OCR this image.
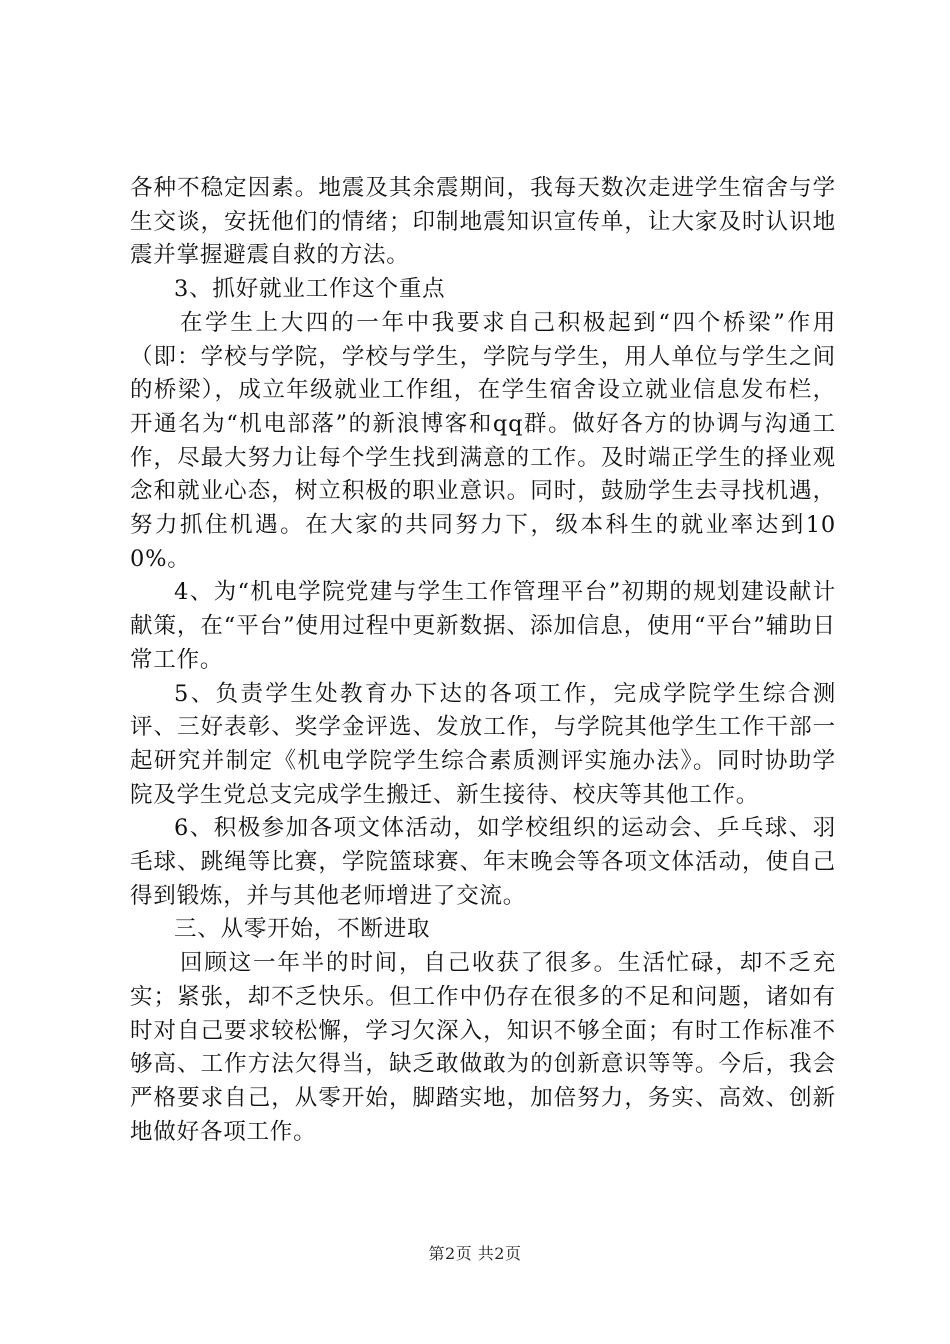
各种不稳定因素。地震及其余震期间，我每天数次走进学生宿舍与学生交谈，安抚他们的情绪；印制地震知识宣传单，让大家及时认识地震并掌握避震自救的方法。

3、抓好就业工作这个重点

在学生上大四的一年中我要求自己积极起到“四个桥梁”作用（即：学校与学院，学校与学生，学院与学生，用人单位与学生之间的桥梁），成立年级就业工作组，在学生宿舍设立就业信息发布栏，开通名为“机电部落”的新浪博客和qq群。做好各方的协调与沟通工作，尽最大努力让每个学生找到满意的工作。及时端正学生的择业观念和就业心态，树立积极的职业意识。同时，鼓励学生去寻找机遇，努力抓住机遇。在大家的共同努力下，级本科生的就业率达到100%。

4、为“机电学院党建与学生工作管理平台”初期的规划建设献计献策，在“平台”使用过程中更新数据、添加信息，使用“平台”辅助日常工作。

5、负责学生处教育办下达的各项工作，完成学院学生综合测评、三好表彰、奖学金评选、发放工作，与学院其他学生工作干部一起研究并制定《机电学院学生综合素质测评实施办法》。同时协助学院及学生党总支完成学生搬迁、新生接待、校庆等其他工作。

6、积极参加各项文体活动，如学校组织的运动会、乒乓球、羽毛球、跳绳等比赛，学院篮球赛、年末晚会等各项文体活动，使自己得到锻炼，并与其他老师增进了交流。

三、从零开始，不断进取

回顾这一年半的时间，自己收获了很多。生活忙碌，却不乏充实；紧张，却不乏快乐。但工作中仍存在很多的不足和问题，诸如有时对自己要求较松懈，学习欠深入，知识不够全面；有时工作标准不够高、工作方法欠得当，缺乏敢做敢为的创新意识等等。今后，我会严格要求自己，从零开始，脚踏实地，加倍努力，务实、高效、创新地做好各项工作。

第2页 共2页
